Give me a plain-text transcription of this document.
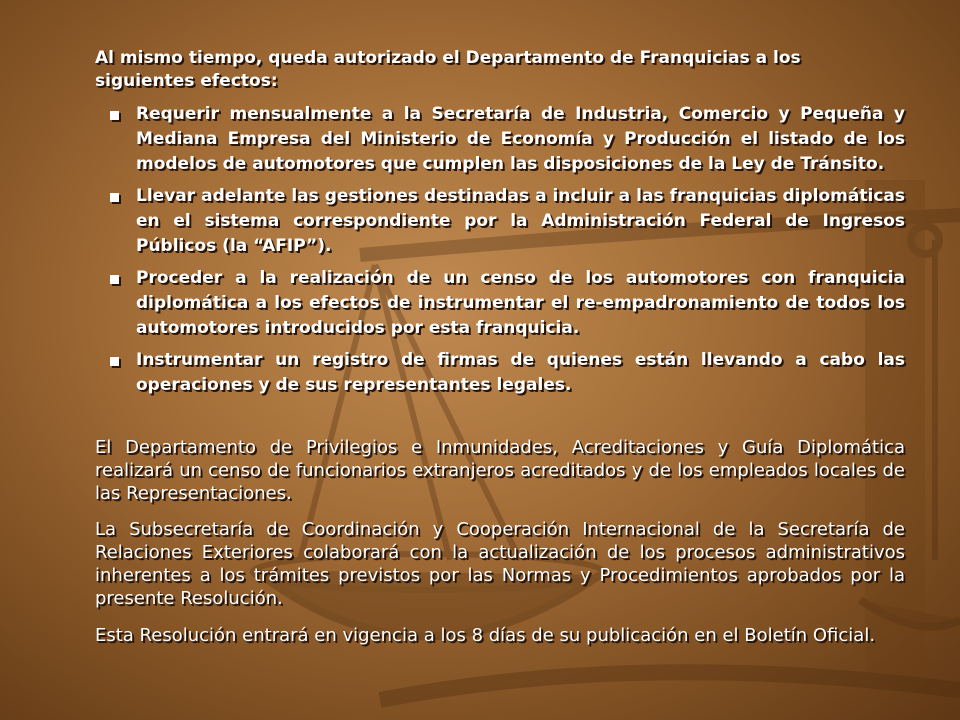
Al mismo tiempo, queda autorizado el Departamento de Franquicias a los siguientes efectos:

Requerir mensualmente a la Secretaría de Industria, Comercio y Pequeña y Mediana Empresa del Ministerio de Economía y Producción el listado de los modelos de automotores que cumplen las disposiciones de la Ley de Tránsito.
Llevar adelante las gestiones destinadas a incluir a las franquicias diplomáticas en el sistema correspondiente por la Administración Federal de Ingresos Públicos (la “AFIP”).
Proceder a la realización de un censo de los automotores con franquicia diplomática a los efectos de instrumentar el re-empadronamiento de todos los automotores introducidos por esta franquicia.
Instrumentar un registro de firmas de quienes están llevando a cabo las operaciones y de sus representantes legales.

El Departamento de Privilegios e Inmunidades, Acreditaciones y Guía Diplomática realizará un censo de funcionarios extranjeros acreditados y de los empleados locales de las Representaciones.

La Subsecretaría de Coordinación y Cooperación Internacional de la Secretaría de Relaciones Exteriores colaborará con la actualización de los procesos administrativos inherentes a los trámites previstos por las Normas y Procedimientos aprobados por la presente Resolución.

Esta Resolución entrará en vigencia a los 8 días de su publicación en el Boletín Oficial.
